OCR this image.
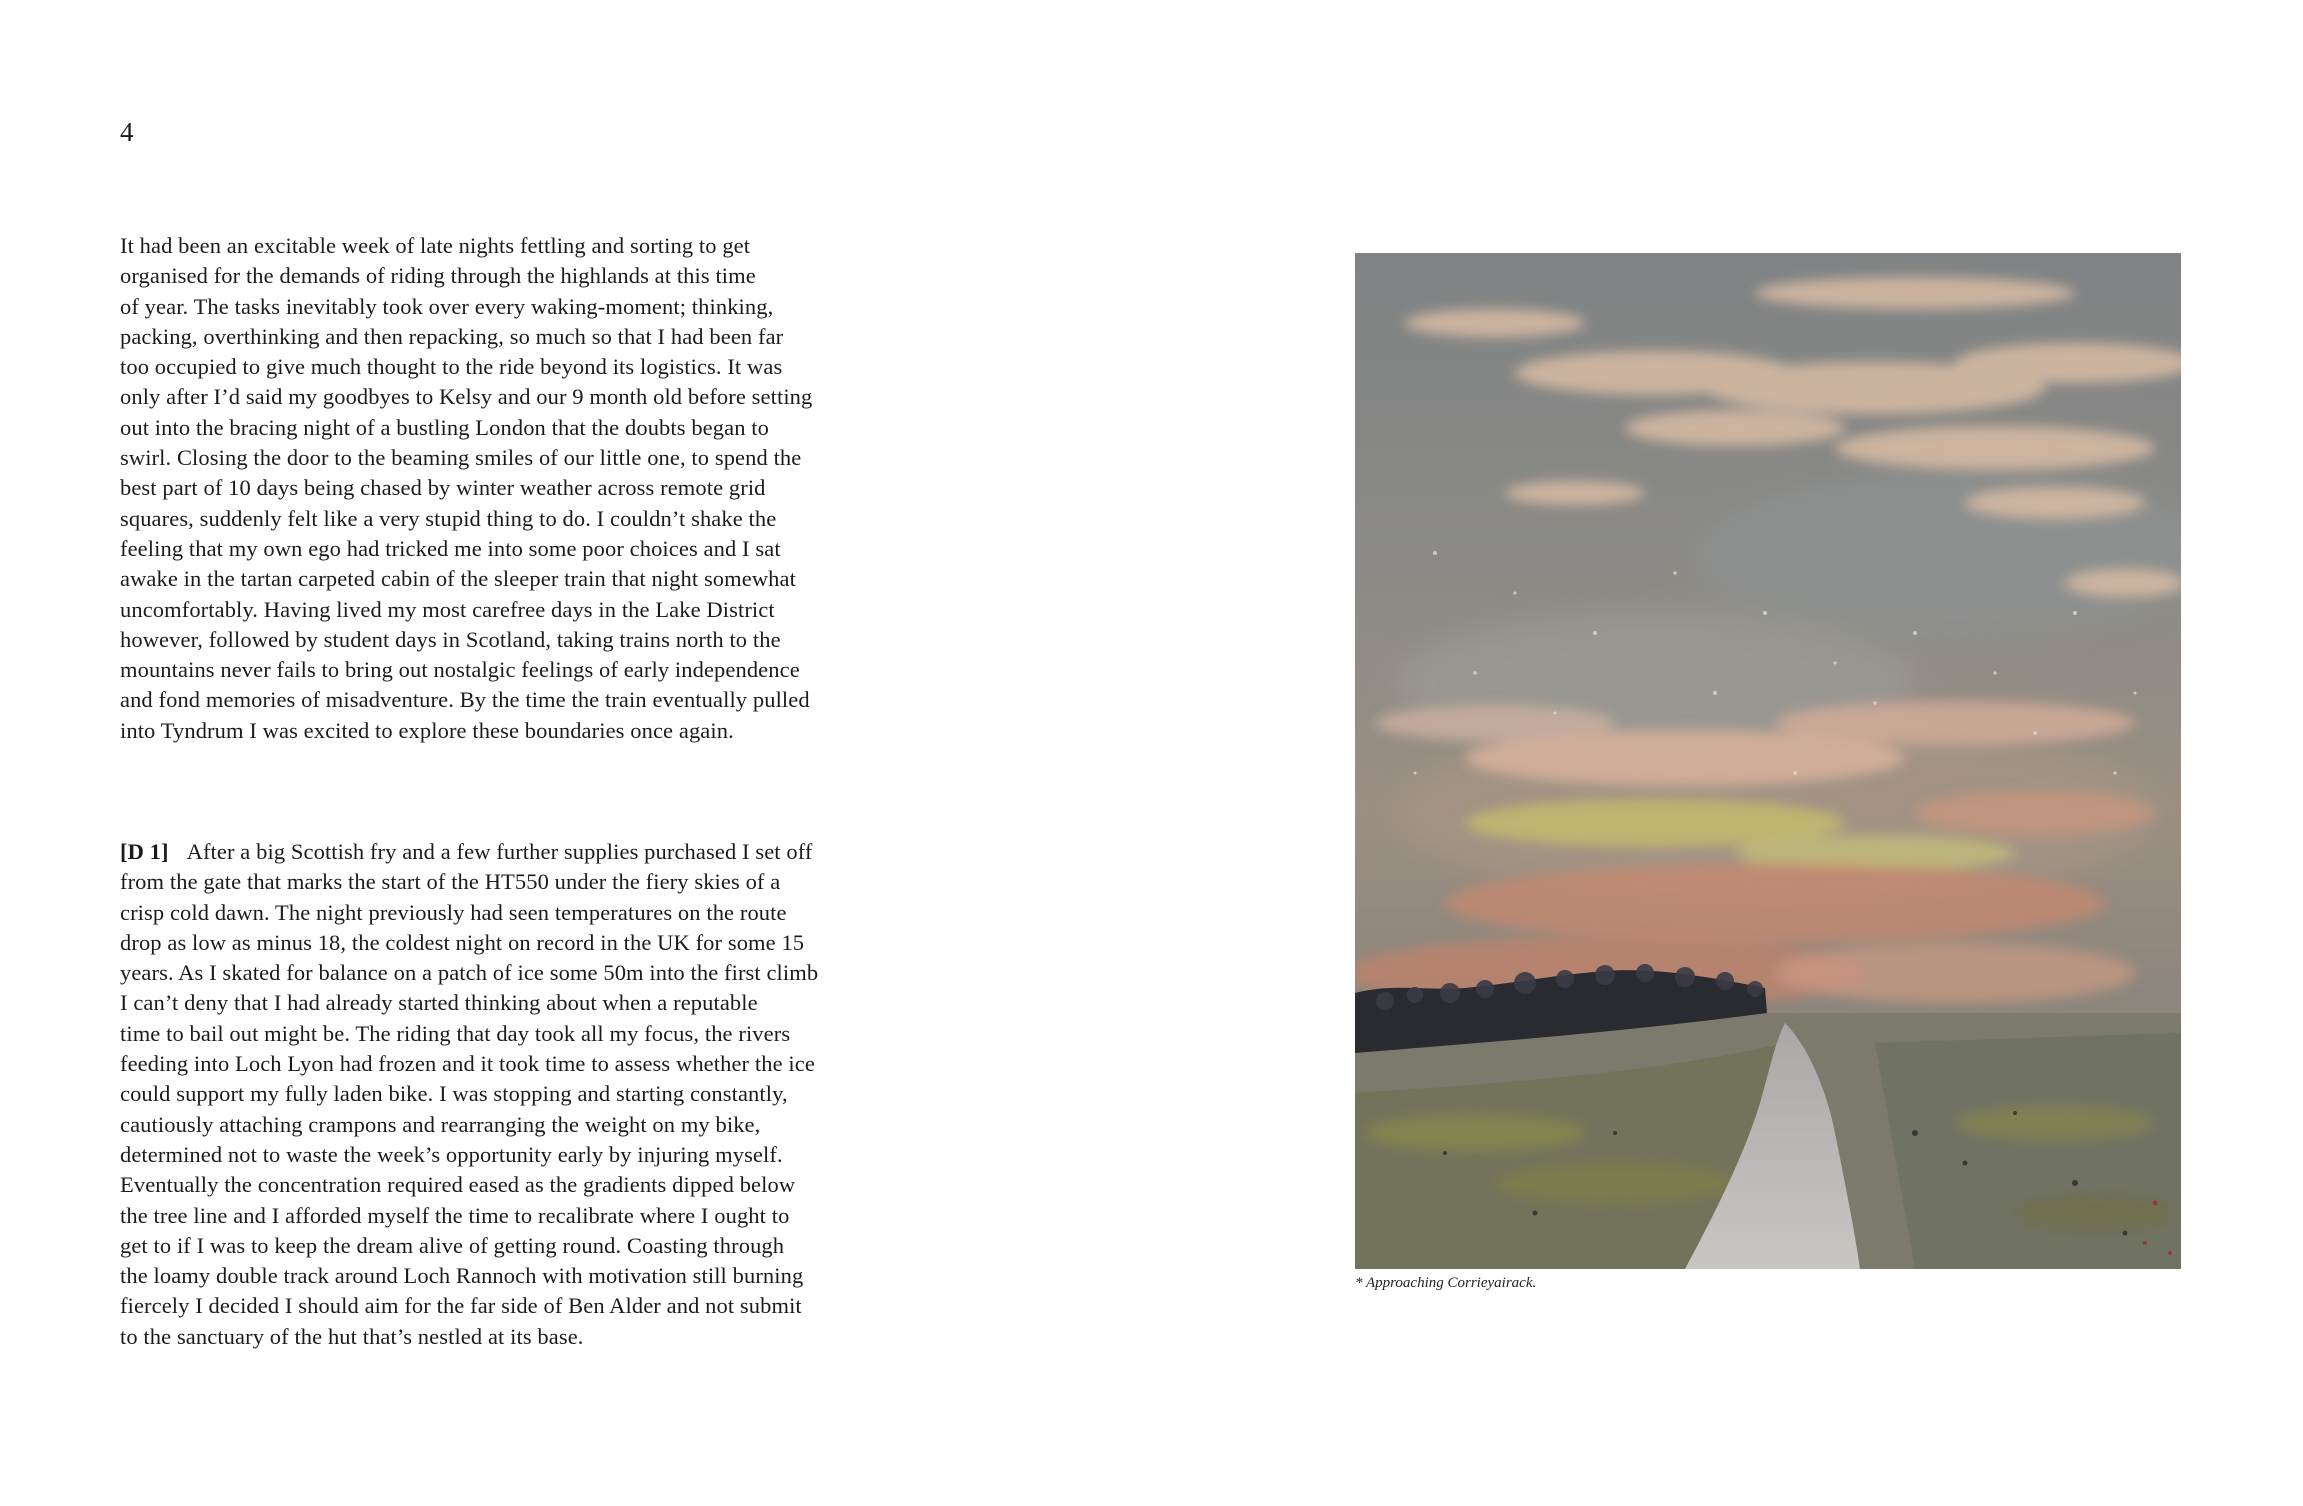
4
It had been an excitable week of late nights fettling and sorting to get
organised for the demands of riding through the highlands at this time
of year. The tasks inevitably took over every waking-moment; thinking,
packing, overthinking and then repacking, so much so that I had been far
too occupied to give much thought to the ride beyond its logistics. It was
only after I’d said my goodbyes to Kelsy and our 9 month old before setting
out into the bracing night of a bustling London that the doubts began to
swirl. Closing the door to the beaming smiles of our little one, to spend the
best part of 10 days being chased by winter weather across remote grid
squares, suddenly felt like a very stupid thing to do. I couldn’t shake the
feeling that my own ego had tricked me into some poor choices and I sat
awake in the tartan carpeted cabin of the sleeper train that night somewhat
uncomfortably. Having lived my most carefree days in the Lake District
however, followed by student days in Scotland, taking trains north to the
mountains never fails to bring out nostalgic feelings of early independence
and fond memories of misadventure. By the time the train eventually pulled
into Tyndrum I was excited to explore these boundaries once again.
[D 1] After a big Scottish fry and a few further supplies purchased I set off
from the gate that marks the start of the HT550 under the fiery skies of a
crisp cold dawn. The night previously had seen temperatures on the route
drop as low as minus 18, the coldest night on record in the UK for some 15
years. As I skated for balance on a patch of ice some 50m into the first climb
I can’t deny that I had already started thinking about when a reputable
time to bail out might be. The riding that day took all my focus, the rivers
feeding into Loch Lyon had frozen and it took time to assess whether the ice
could support my fully laden bike. I was stopping and starting constantly,
cautiously attaching crampons and rearranging the weight on my bike,
determined not to waste the week’s opportunity early by injuring myself.
Eventually the concentration required eased as the gradients dipped below
the tree line and I afforded myself the time to recalibrate where I ought to
get to if I was to keep the dream alive of getting round. Coasting through
the loamy double track around Loch Rannoch with motivation still burning
fiercely I decided I should aim for the far side of Ben Alder and not submit
to the sanctuary of the hut that’s nestled at its base.
* Approaching Corrieyairack.
